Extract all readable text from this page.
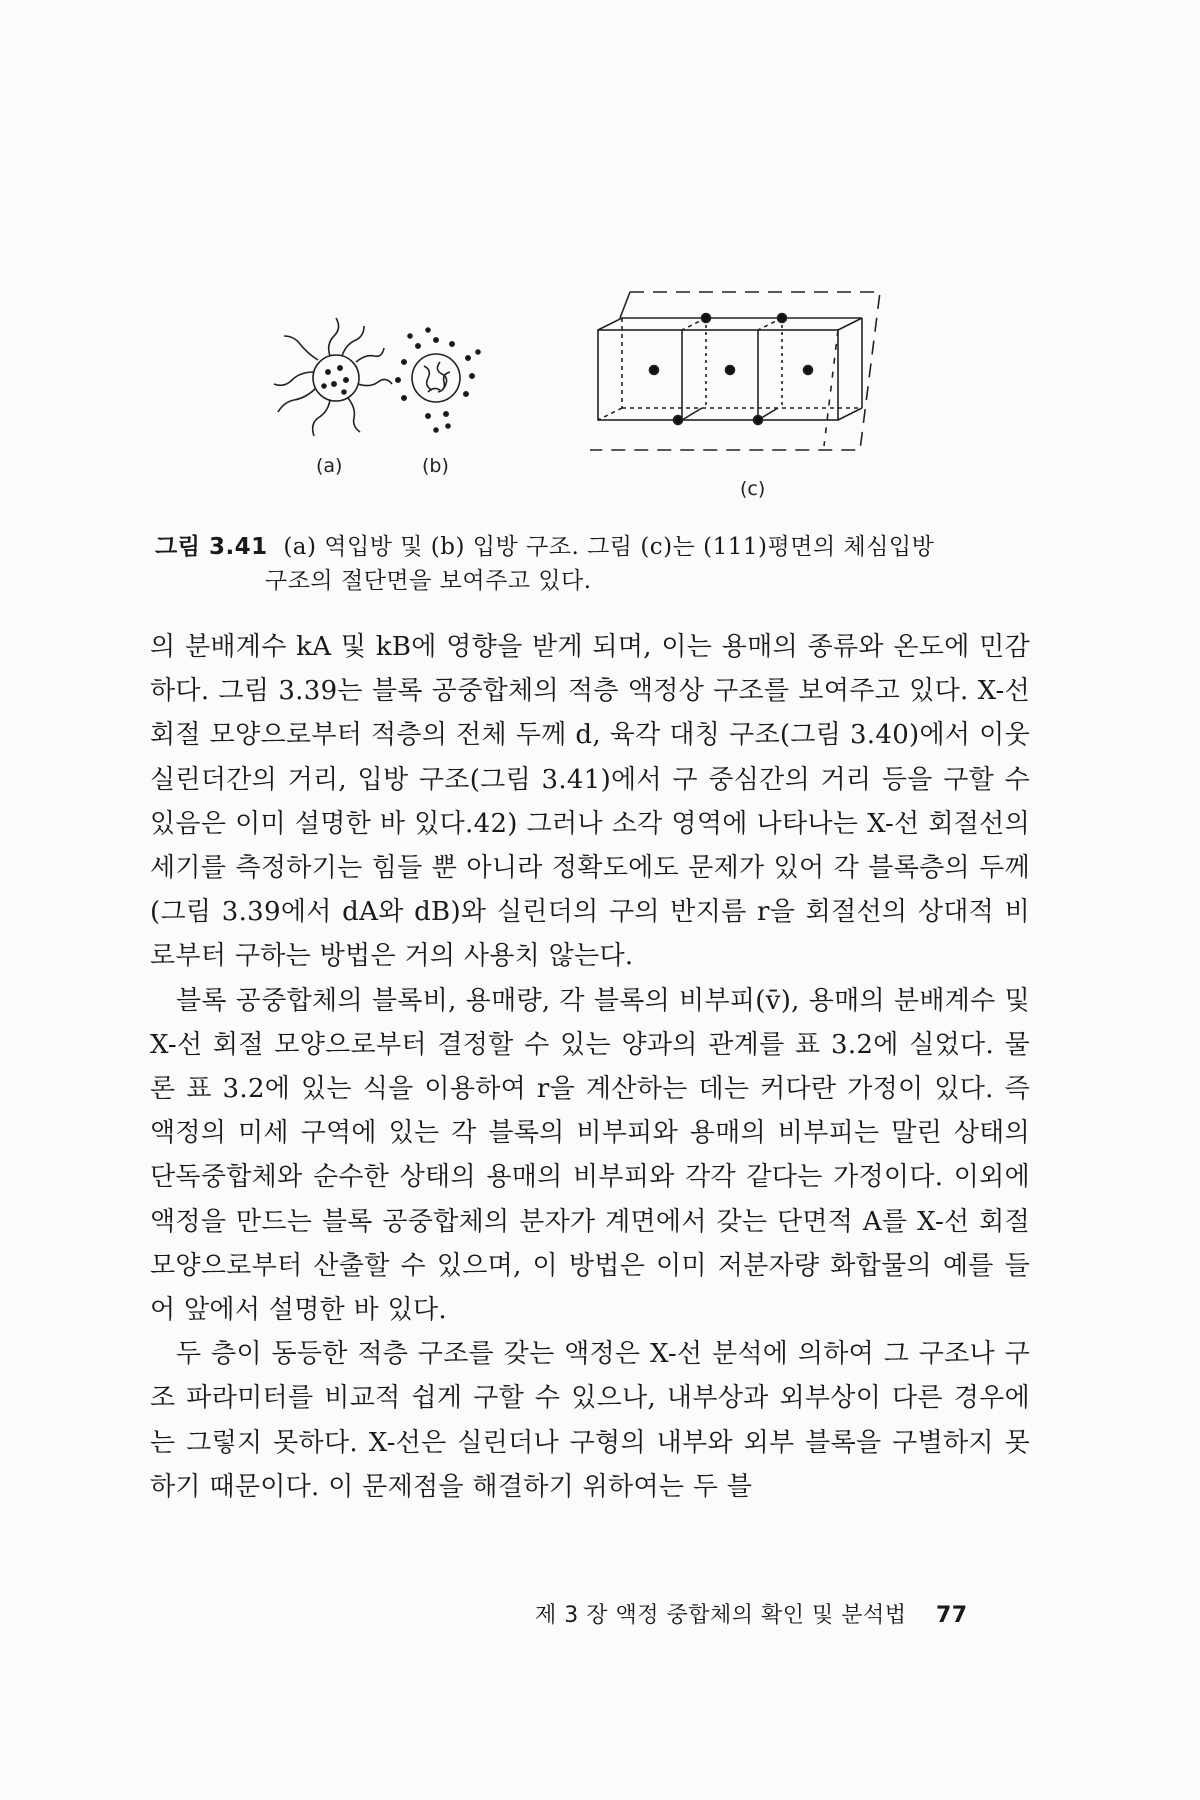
(a)	(b)
(c)
그림 3.41 (a) 역입방 및 (b) 입방 구조. 그림 (c)는 (111)평면의 체심입방
구조의 절단면을 보여주고 있다.

의 분배계수 kA 및 kB에 영향을 받게 되며, 이는 용매의 종류와 온도에 민감하다. 그림 3.39는 블록 공중합체의 적층 액정상 구조를 보여주고 있다. X-선 회절 모양으로부터 적층의 전체 두께 d, 육각 대칭 구조(그림 3.40)에서 이웃 실린더간의 거리, 입방 구조(그림 3.41)에서 구 중심간의 거리 등을 구할 수 있음은 이미 설명한 바 있다.42) 그러나 소각 영역에 나타나는 X-선 회절선의 세기를 측정하기는 힘들 뿐 아니라 정확도에도 문제가 있어 각 블록층의 두께(그림 3.39에서 dA와 dB)와 실린더의 구의 반지름 r을 회절선의 상대적 비로부터 구하는 방법은 거의 사용치 않는다.

블록 공중합체의 블록비, 용매량, 각 블록의 비부피(v̄), 용매의 분배계수 및 X-선 회절 모양으로부터 결정할 수 있는 양과의 관계를 표 3.2에 실었다. 물론 표 3.2에 있는 식을 이용하여 r을 계산하는 데는 커다란 가정이 있다. 즉 액정의 미세 구역에 있는 각 블록의 비부피와 용매의 비부피는 말린 상태의 단독중합체와 순수한 상태의 용매의 비부피와 각각 같다는 가정이다. 이외에 액정을 만드는 블록 공중합체의 분자가 계면에서 갖는 단면적 A를 X-선 회절 모양으로부터 산출할 수 있으며, 이 방법은 이미 저분자량 화합물의 예를 들어 앞에서 설명한 바 있다.

두 층이 동등한 적층 구조를 갖는 액정은 X-선 분석에 의하여 그 구조나 구조 파라미터를 비교적 쉽게 구할 수 있으나, 내부상과 외부상이 다른 경우에는 그렇지 못하다. X-선은 실린더나 구형의 내부와 외부 블록을 구별하지 못하기 때문이다. 이 문제점을 해결하기 위하여는 두 블

제 3 장 액정 중합체의 확인 및 분석법 77
